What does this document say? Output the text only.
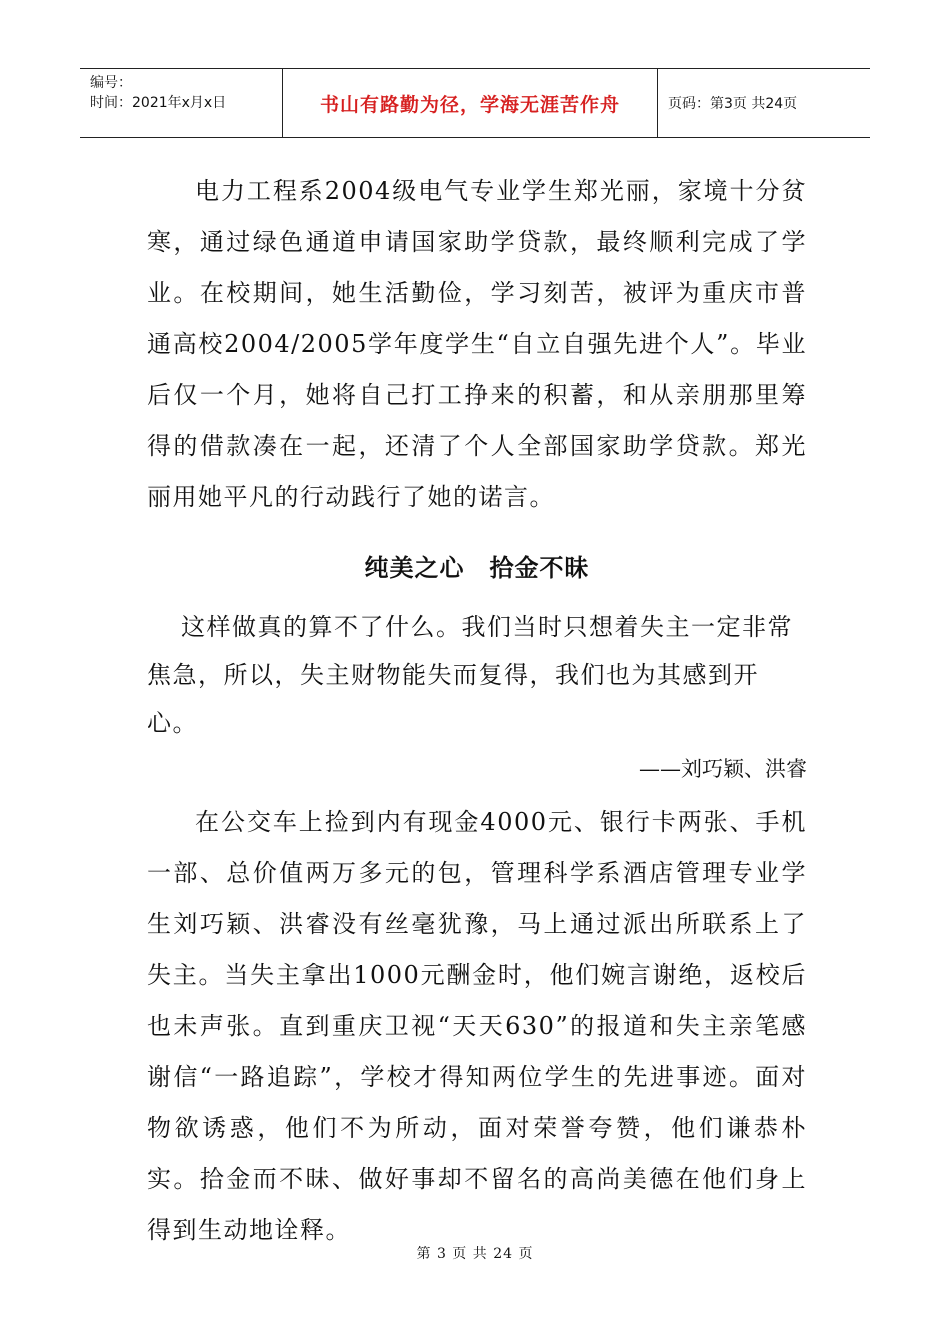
编号：
时间：2021年x月x日	书山有路勤为径，学海无涯苦作舟	页码：第3页 共24页

电力工程系2004级电气专业学生郑光丽，家境十分贫寒，通过绿色通道申请国家助学贷款，最终顺利完成了学业。在校期间，她生活勤俭，学习刻苦，被评为重庆市普通高校2004/2005学年度学生“自立自强先进个人”。毕业后仅一个月，她将自己打工挣来的积蓄，和从亲朋那里筹得的借款凑在一起，还清了个人全部国家助学贷款。郑光丽用她平凡的行动践行了她的诺言。

纯美之心　拾金不昧

这样做真的算不了什么。我们当时只想着失主一定非常焦急，所以，失主财物能失而复得，我们也为其感到开心。

——刘巧颖、洪睿

在公交车上捡到内有现金4000元、银行卡两张、手机一部、总价值两万多元的包，管理科学系酒店管理专业学生刘巧颖、洪睿没有丝毫犹豫，马上通过派出所联系上了失主。当失主拿出1000元酬金时，他们婉言谢绝，返校后也未声张。直到重庆卫视“天天630”的报道和失主亲笔感谢信“一路追踪”，学校才得知两位学生的先进事迹。面对物欲诱惑，他们不为所动，面对荣誉夸赞，他们谦恭朴实。拾金而不昧、做好事却不留名的高尚美德在他们身上得到生动地诠释。

第 3 页 共 24 页
